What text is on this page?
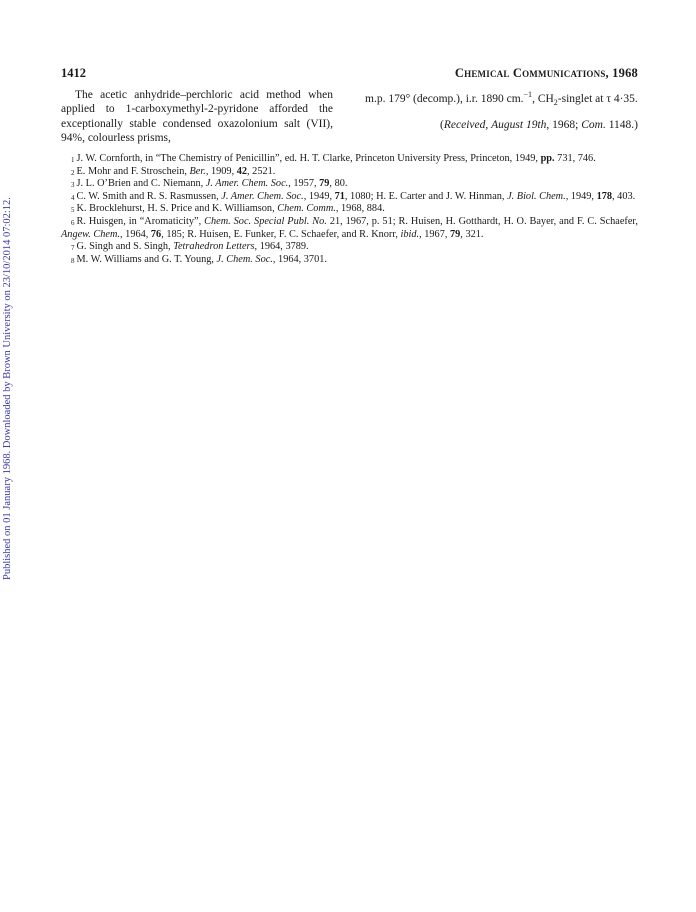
Published on 01 January 1968. Downloaded by Brown University on 23/10/2014 07:02:12.
1412	Chemical Communications, 1968

The acetic anhydride–perchloric acid method when applied to 1-carboxymethyl-2-pyridone afforded the exceptionally stable condensed oxazolonium salt (VII), 94%, colourless prisms,

m.p. 179° (decomp.), i.r. 1890 cm.$^{-1}$, $CH_2$-singlet at τ 4·35.

(Received, August 19th, 1968; Com. 1148.)

$^1$ J. W. Cornforth, in “The Chemistry of Penicillin”, ed. H. T. Clarke, Princeton University Press, Princeton, 1949, pp. 731, 746.

$^2$ E. Mohr and F. Stroschein, Ber., 1909, 42, 2521.

$^3$ J. L. O’Brien and C. Niemann, J. Amer. Chem. Soc., 1957, 79, 80.

$^4$ C. W. Smith and R. S. Rasmussen, J. Amer. Chem. Soc., 1949, 71, 1080; H. E. Carter and J. W. Hinman, J. Biol. Chem., 1949, 178, 403.

$^5$ K. Brocklehurst, H. S. Price and K. Williamson, Chem. Comm., 1968, 884.

$^6$ R. Huisgen, in “Aromaticity”, Chem. Soc. Special Publ. No. 21, 1967, p. 51; R. Huisen, H. Gotthardt, H. O. Bayer, and F. C. Schaefer, Angew. Chem., 1964, 76, 185; R. Huisen, E. Funker, F. C. Schaefer, and R. Knorr, ibid., 1967, 79, 321.

$^7$ G. Singh and S. Singh, Tetrahedron Letters, 1964, 3789.

$^8$ M. W. Williams and G. T. Young, J. Chem. Soc., 1964, 3701.
